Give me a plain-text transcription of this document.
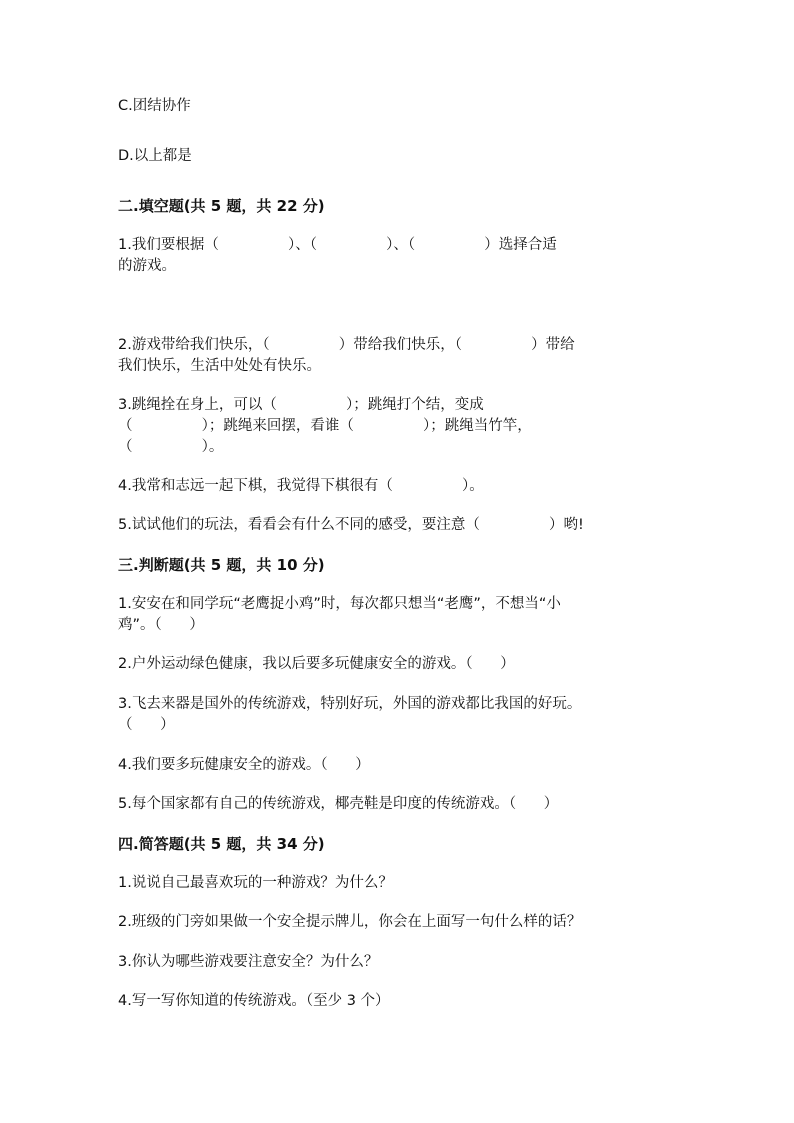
C.团结协作
D.以上都是
二.填空题(共 5 题，共 22 分)
1.我们要根据（               ）、（               ）、（               ）选择合适
的游戏。
2.游戏带给我们快乐，（               ）带给我们快乐，（               ）带给
我们快乐，生活中处处有快乐。
3.跳绳拴在身上，可以（               ）；跳绳打个结，变成
（               ）；跳绳来回摆，看谁（               ）；跳绳当竹竿，
（               ）。
4.我常和志远一起下棋，我觉得下棋很有（               ）。
5.试试他们的玩法，看看会有什么不同的感受，要注意（               ）哟!
三.判断题(共 5 题，共 10 分)
1.安安在和同学玩“老鹰捉小鸡”时，每次都只想当“老鹰”，不想当“小
鸡”。（      ）
2.户外运动绿色健康，我以后要多玩健康安全的游戏。（      ）
3.飞去来器是国外的传统游戏，特别好玩，外国的游戏都比我国的好玩。
（      ）
4.我们要多玩健康安全的游戏。（      ）
5.每个国家都有自己的传统游戏，椰壳鞋是印度的传统游戏。（      ）
四.简答题(共 5 题，共 34 分)
1.说说自己最喜欢玩的一种游戏？为什么？
2.班级的门旁如果做一个安全提示牌儿，你会在上面写一句什么样的话？
3.你认为哪些游戏要注意安全？为什么？
4.写一写你知道的传统游戏。（至少 3 个）
